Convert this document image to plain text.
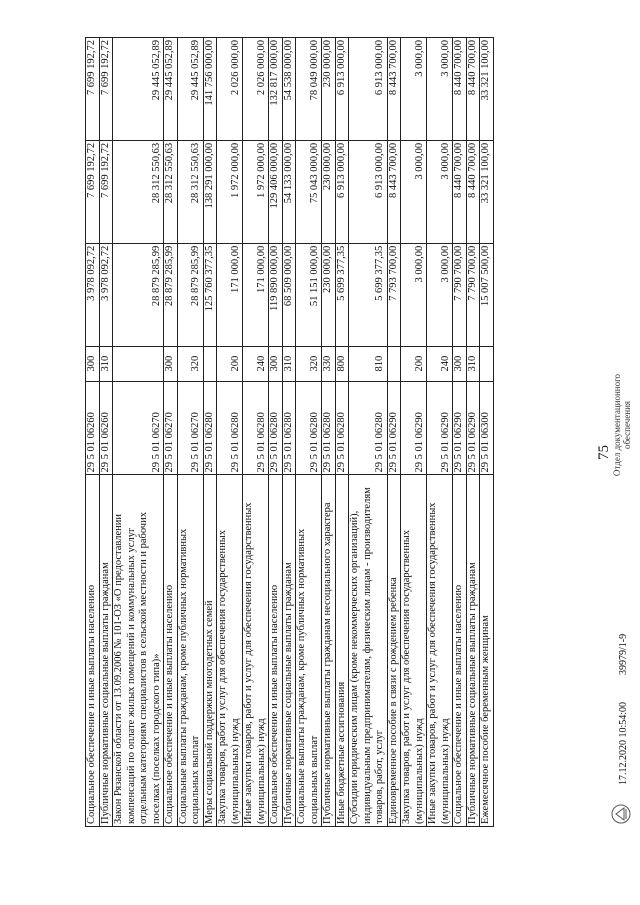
75
Социальное обеспечение и иные выплаты населению	29 5 01 06260	300	3 978 092,72	7 699 192,72	7 699 192,72
Публичные нормативные социальные выплаты гражданам	29 5 01 06260	310	3 978 092,72	7 699 192,72	7 699 192,72
Закон Рязанской области от 13.09.2006 № 101-ОЗ «О предоставлении компенсаций по оплате жилых помещений и коммунальных услуг отдельным категориям специалистов в сельской местности и рабочих поселках (поселках городского типа)»	29 5 01 06270		28 879 285,99	28 312 550,63	29 445 052,89
Социальное обеспечение и иные выплаты населению	29 5 01 06270	300	28 879 285,99	28 312 550,63	29 445 052,89
Социальные выплаты гражданам, кроме публичных нормативных социальных выплат	29 5 01 06270	320	28 879 285,99	28 312 550,63	29 445 052,89
Меры социальной поддержки многодетных семей	29 5 01 06280		125 760 377,35	138 291 000,00	141 756 000,00
Закупка товаров, работ и услуг для обеспечения государственных (муниципальных) нужд	29 5 01 06280	200	171 000,00	1 972 000,00	2 026 000,00
Иные закупки товаров, работ и услуг для обеспечения государственных (муниципальных) нужд	29 5 01 06280	240	171 000,00	1 972 000,00	2 026 000,00
Социальное обеспечение и иные выплаты населению	29 5 01 06280	300	119 890 000,00	129 406 000,00	132 817 000,00
Публичные нормативные социальные выплаты гражданам	29 5 01 06280	310	68 509 000,00	54 133 000,00	54 538 000,00
Социальные выплаты гражданам, кроме публичных нормативных социальных выплат	29 5 01 06280	320	51 151 000,00	75 043 000,00	78 049 000,00
Публичные нормативные выплаты гражданам несоциального характера	29 5 01 06280	330	230 000,00	230 000,00	230 000,00
Иные бюджетные ассигнования	29 5 01 06280	800	5 699 377,35	6 913 000,00	6 913 000,00
Субсидии юридическим лицам (кроме некоммерческих организаций), индивидуальным предпринимателям, физическим лицам - производителям товаров, работ, услуг	29 5 01 06280	810	5 699 377,35	6 913 000,00	6 913 000,00
Единовременное пособие в связи с рождением ребенка	29 5 01 06290		7 793 700,00	8 443 700,00	8 443 700,00
Закупка товаров, работ и услуг для обеспечения государственных (муниципальных) нужд	29 5 01 06290	200	3 000,00	3 000,00	3 000,00
Иные закупки товаров, работ и услуг для обеспечения государственных (муниципальных) нужд	29 5 01 06290	240	3 000,00	3 000,00	3 000,00
Социальное обеспечение и иные выплаты населению	29 5 01 06290	300	7 790 700,00	8 440 700,00	8 440 700,00
Публичные нормативные социальные выплаты гражданам	29 5 01 06290	310	7 790 700,00	8 440 700,00	8 440 700,00
Ежемесячное пособие беременным женщинам	29 5 01 06300		15 007 500,00	33 321 100,00	33 321 100,00
17.12.2020 10:54:00
39979/1-9
Отдел документационного обеспечения
